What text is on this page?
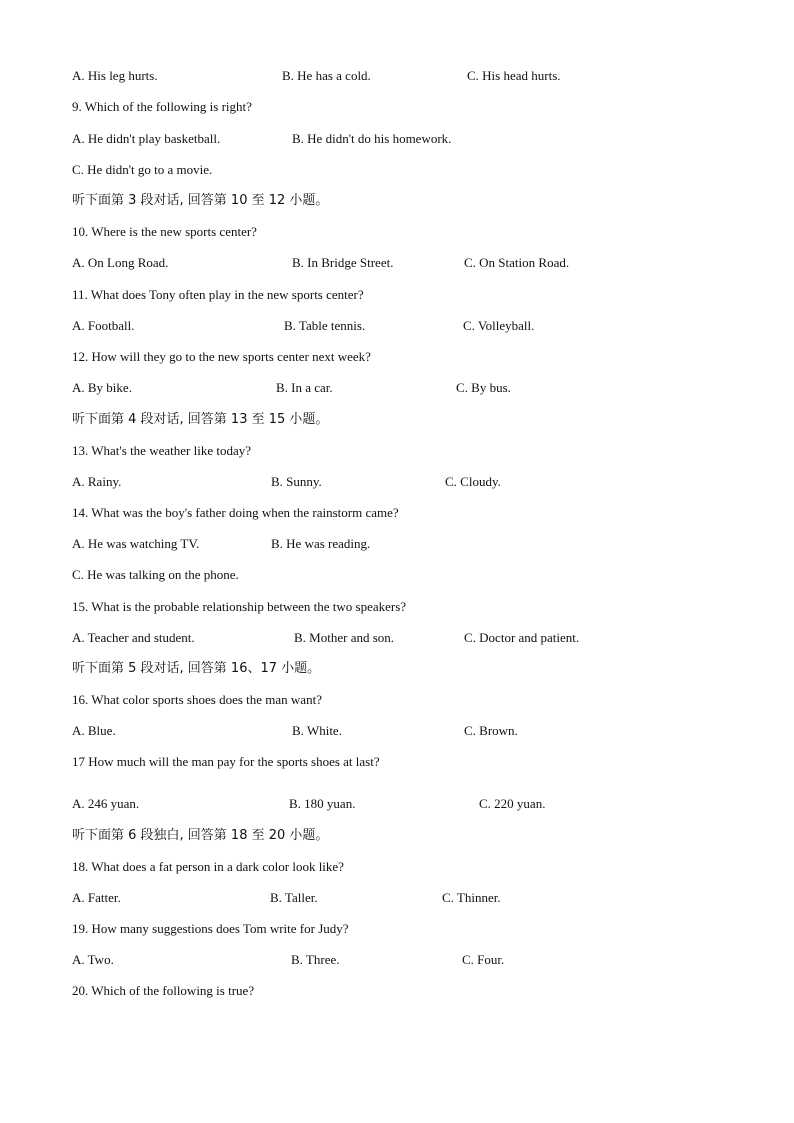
A. His leg hurts.	B. He has a cold.	C. His head hurts.
9. Which of the following is right?
A. He didn't play basketball.	B. He didn't do his homework.
C. He didn't go to a movie.
听下面第 3 段对话, 回答第 10 至 12 小题。
10. Where is the new sports center?
A. On Long Road.	B. In Bridge Street.	C. On Station Road.
11. What does Tony often play in the new sports center?
A. Football.	B. Table tennis.	C. Volleyball.
12. How will they go to the new sports center next week?
A. By bike.	B. In a car.	C. By bus.
听下面第 4 段对话, 回答第 13 至 15 小题。
13. What's the weather like today?
A. Rainy.	B. Sunny.	C. Cloudy.
14. What was the boy's father doing when the rainstorm came?
A. He was watching TV.	B. He was reading.
C. He was talking on the phone.
15. What is the probable relationship between the two speakers?
A. Teacher and student.	B. Mother and son.	C. Doctor and patient.
听下面第 5 段对话, 回答第 16、17 小题。
16. What color sports shoes does the man want?
A. Blue.	B. White.	C. Brown.
17 How much will the man pay for the sports shoes at last?
A. 246 yuan.	B. 180 yuan.	C. 220 yuan.
听下面第 6 段独白, 回答第 18 至 20 小题。
18. What does a fat person in a dark color look like?
A. Fatter.	B. Taller.	C. Thinner.
19. How many suggestions does Tom write for Judy?
A. Two.	B. Three.	C. Four.
20. Which of the following is true?
